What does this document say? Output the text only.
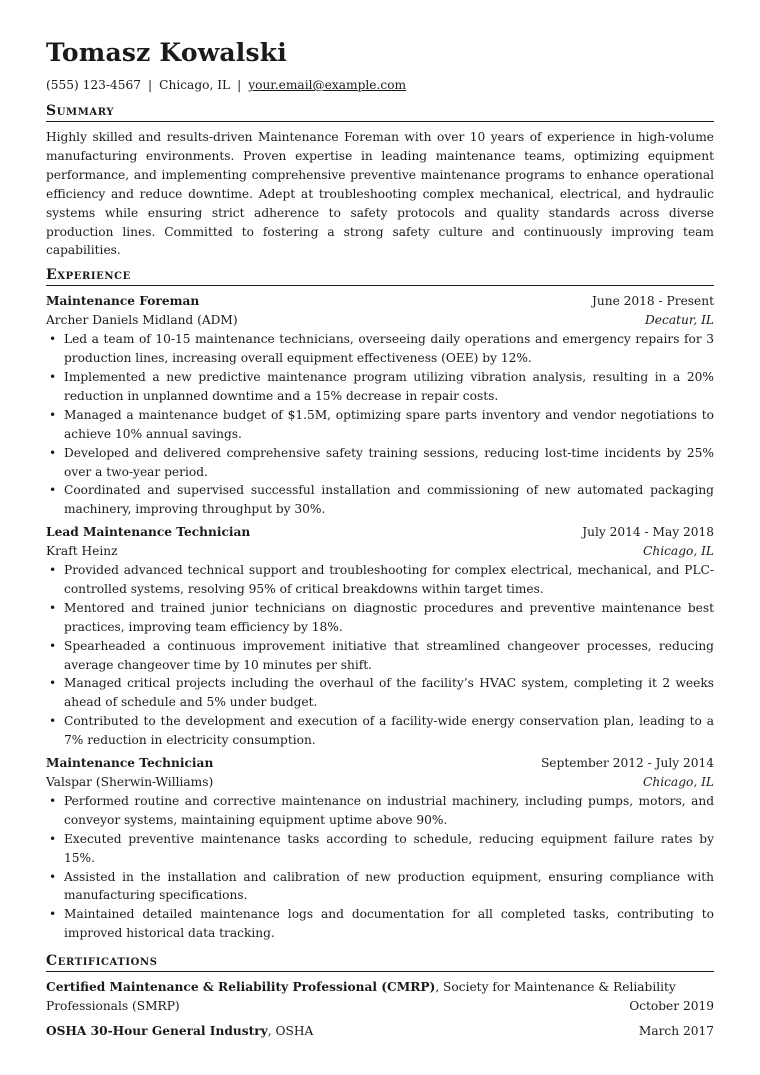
Tomasz Kowalski
(555) 123-4567 | Chicago, IL | your.email@example.com
Summary
Highly skilled and results-driven Maintenance Foreman with over 10 years of experience in high-volume manufacturing environments. Proven expertise in leading maintenance teams, optimizing equipment performance, and implementing comprehensive preventive maintenance programs to enhance operational efficiency and reduce downtime. Adept at troubleshooting complex mechanical, electrical, and hydraulic systems while ensuring strict adherence to safety protocols and quality standards across diverse production lines. Committed to fostering a strong safety culture and continuously improving team capabilities.
Experience
Maintenance Foreman	June 2018 - Present
Archer Daniels Midland (ADM)	Decatur, IL
• Led a team of 10-15 maintenance technicians, overseeing daily operations and emergency repairs for 3 production lines, increasing overall equipment effectiveness (OEE) by 12%.
• Implemented a new predictive maintenance program utilizing vibration analysis, resulting in a 20% reduction in unplanned downtime and a 15% decrease in repair costs.
• Managed a maintenance budget of $1.5M, optimizing spare parts inventory and vendor negotiations to achieve 10% annual savings.
• Developed and delivered comprehensive safety training sessions, reducing lost-time incidents by 25% over a two-year period.
• Coordinated and supervised successful installation and commissioning of new automated packaging machinery, improving throughput by 30%.
Lead Maintenance Technician	July 2014 - May 2018
Kraft Heinz	Chicago, IL
• Provided advanced technical support and troubleshooting for complex electrical, mechanical, and PLC-controlled systems, resolving 95% of critical breakdowns within target times.
• Mentored and trained junior technicians on diagnostic procedures and preventive maintenance best practices, improving team efficiency by 18%.
• Spearheaded a continuous improvement initiative that streamlined changeover processes, reducing average changeover time by 10 minutes per shift.
• Managed critical projects including the overhaul of the facility’s HVAC system, completing it 2 weeks ahead of schedule and 5% under budget.
• Contributed to the development and execution of a facility-wide energy conservation plan, leading to a 7% reduction in electricity consumption.
Maintenance Technician	September 2012 - July 2014
Valspar (Sherwin-Williams)	Chicago, IL
• Performed routine and corrective maintenance on industrial machinery, including pumps, motors, and conveyor systems, maintaining equipment uptime above 90%.
• Executed preventive maintenance tasks according to schedule, reducing equipment failure rates by 15%.
• Assisted in the installation and calibration of new production equipment, ensuring compliance with manufacturing specifications.
• Maintained detailed maintenance logs and documentation for all completed tasks, contributing to improved historical data tracking.
Certifications
Certified Maintenance & Reliability Professional (CMRP), Society for Maintenance & Reliability Professionals (SMRP)	October 2019
OSHA 30-Hour General Industry, OSHA	March 2017
